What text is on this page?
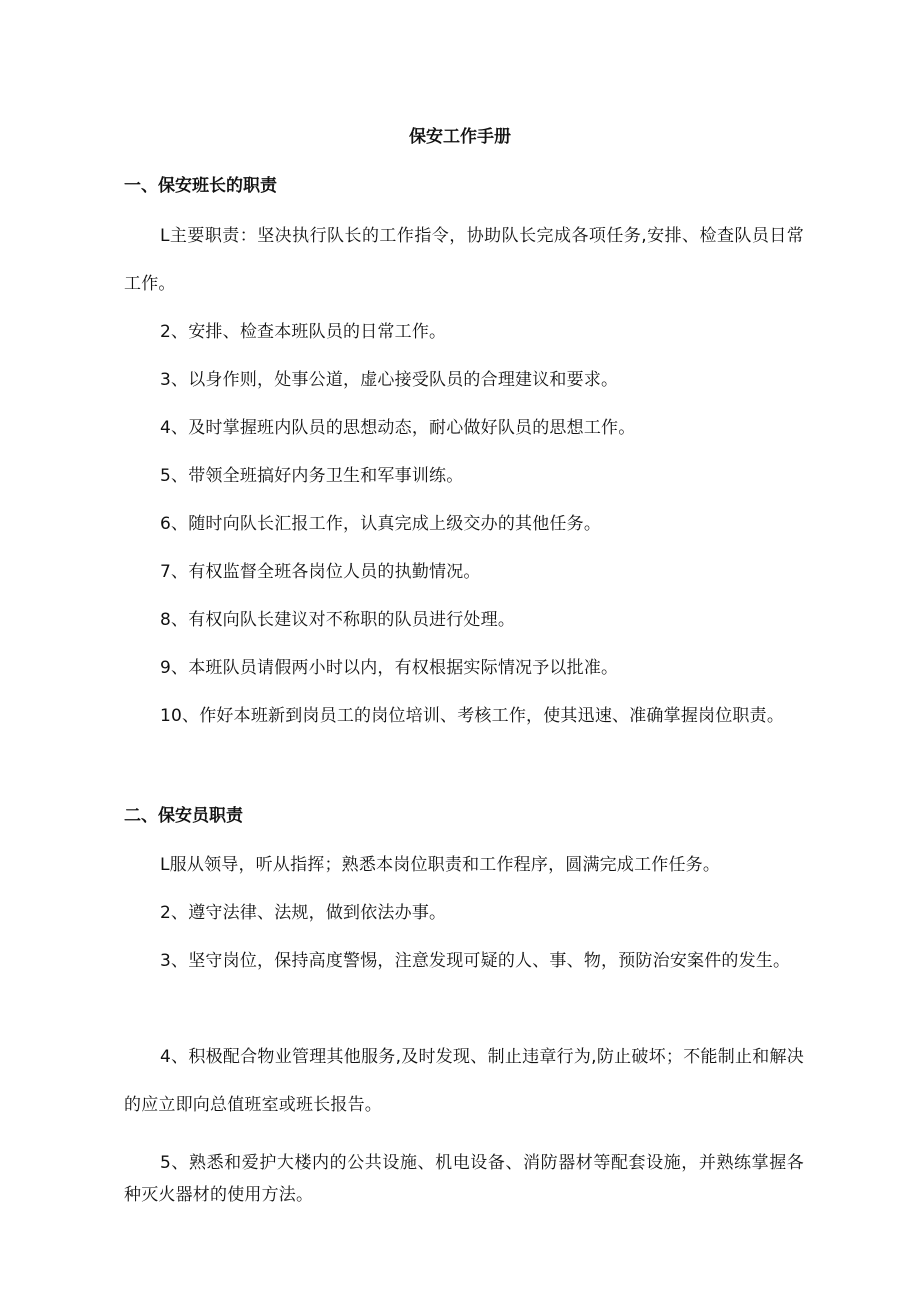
保安工作手册
一、保安班长的职责

L主要职责：坚决执行队长的工作指令，协助队长完成各项任务,安排、检查队员日常工作。

2、安排、检查本班队员的日常工作。

3、以身作则，处事公道，虚心接受队员的合理建议和要求。

4、及时掌握班内队员的思想动态，耐心做好队员的思想工作。

5、带领全班搞好内务卫生和军事训练。

6、随时向队长汇报工作，认真完成上级交办的其他任务。

7、有权监督全班各岗位人员的执勤情况。

8、有权向队长建议对不称职的队员进行处理。

9、本班队员请假两小时以内，有权根据实际情况予以批准。

10、作好本班新到岗员工的岗位培训、考核工作，使其迅速、准确掌握岗位职责。

二、保安员职责

L服从领导，听从指挥；熟悉本岗位职责和工作程序，圆满完成工作任务。

2、遵守法律、法规，做到依法办事。

3、坚守岗位，保持高度警惕，注意发现可疑的人、事、物，预防治安案件的发生。

4、积极配合物业管理其他服务,及时发现、制止违章行为,防止破坏；不能制止和解决的应立即向总值班室或班长报告。

5、熟悉和爱护大楼内的公共设施、机电设备、消防器材等配套设施，并熟练掌握各种灭火器材的使用方法。
